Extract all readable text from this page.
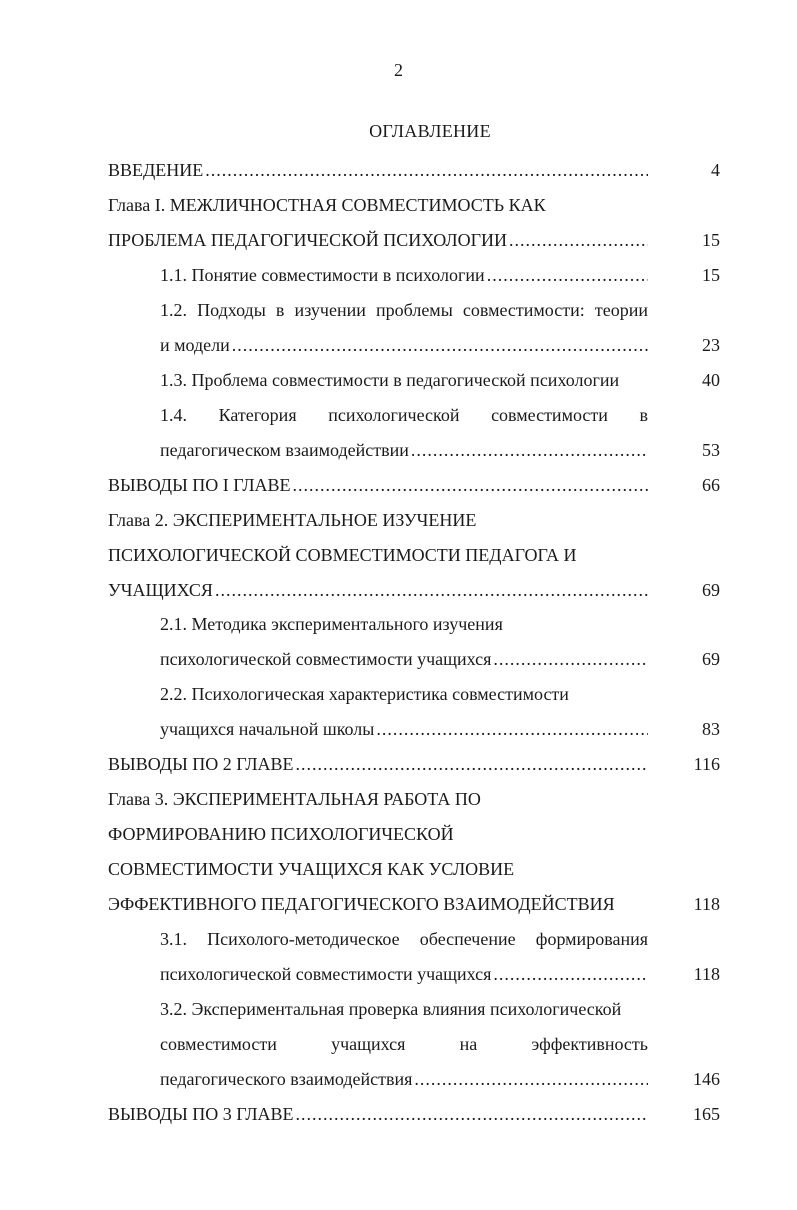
2
ОГЛАВЛЕНИЕ
ВВЕДЕНИЕ .....	4
Глава I. МЕЖЛИЧНОСТНАЯ СОВМЕСТИМОСТЬ КАК
ПРОБЛЕМА ПЕДАГОГИЧЕСКОЙ ПСИХОЛОГИИ .....	15
1.1. Понятие совместимости в психологии .....	15
1.2. Подходы в изучении проблемы совместимости: теории
и модели .....	23
1.3. Проблема совместимости в педагогической психологии	40
1.4. Категория психологической совместимости в
педагогическом взаимодействии .....	53
ВЫВОДЫ ПО I ГЛАВЕ .....	66
Глава 2. ЭКСПЕРИМЕНТАЛЬНОЕ ИЗУЧЕНИЕ
ПСИХОЛОГИЧЕСКОЙ СОВМЕСТИМОСТИ ПЕДАГОГА И
УЧАЩИХСЯ .....	69
2.1. Методика экспериментального изучения
психологической совместимости учащихся .....	69
2.2. Психологическая характеристика совместимости
учащихся начальной школы .....	83
ВЫВОДЫ ПО 2 ГЛАВЕ .....	116
Глава 3. ЭКСПЕРИМЕНТАЛЬНАЯ РАБОТА ПО
ФОРМИРОВАНИЮ ПСИХОЛОГИЧЕСКОЙ
СОВМЕСТИМОСТИ УЧАЩИХСЯ КАК УСЛОВИЕ
ЭФФЕКТИВНОГО ПЕДАГОГИЧЕСКОГО ВЗАИМОДЕЙСТВИЯ	118
3.1. Психолого-методическое обеспечение формирования
психологической совместимости учащихся .....	118
3.2. Экспериментальная проверка влияния психологической
совместимости учащихся на эффективность
педагогического взаимодействия .....	146
ВЫВОДЫ ПО 3 ГЛАВЕ .....	165
